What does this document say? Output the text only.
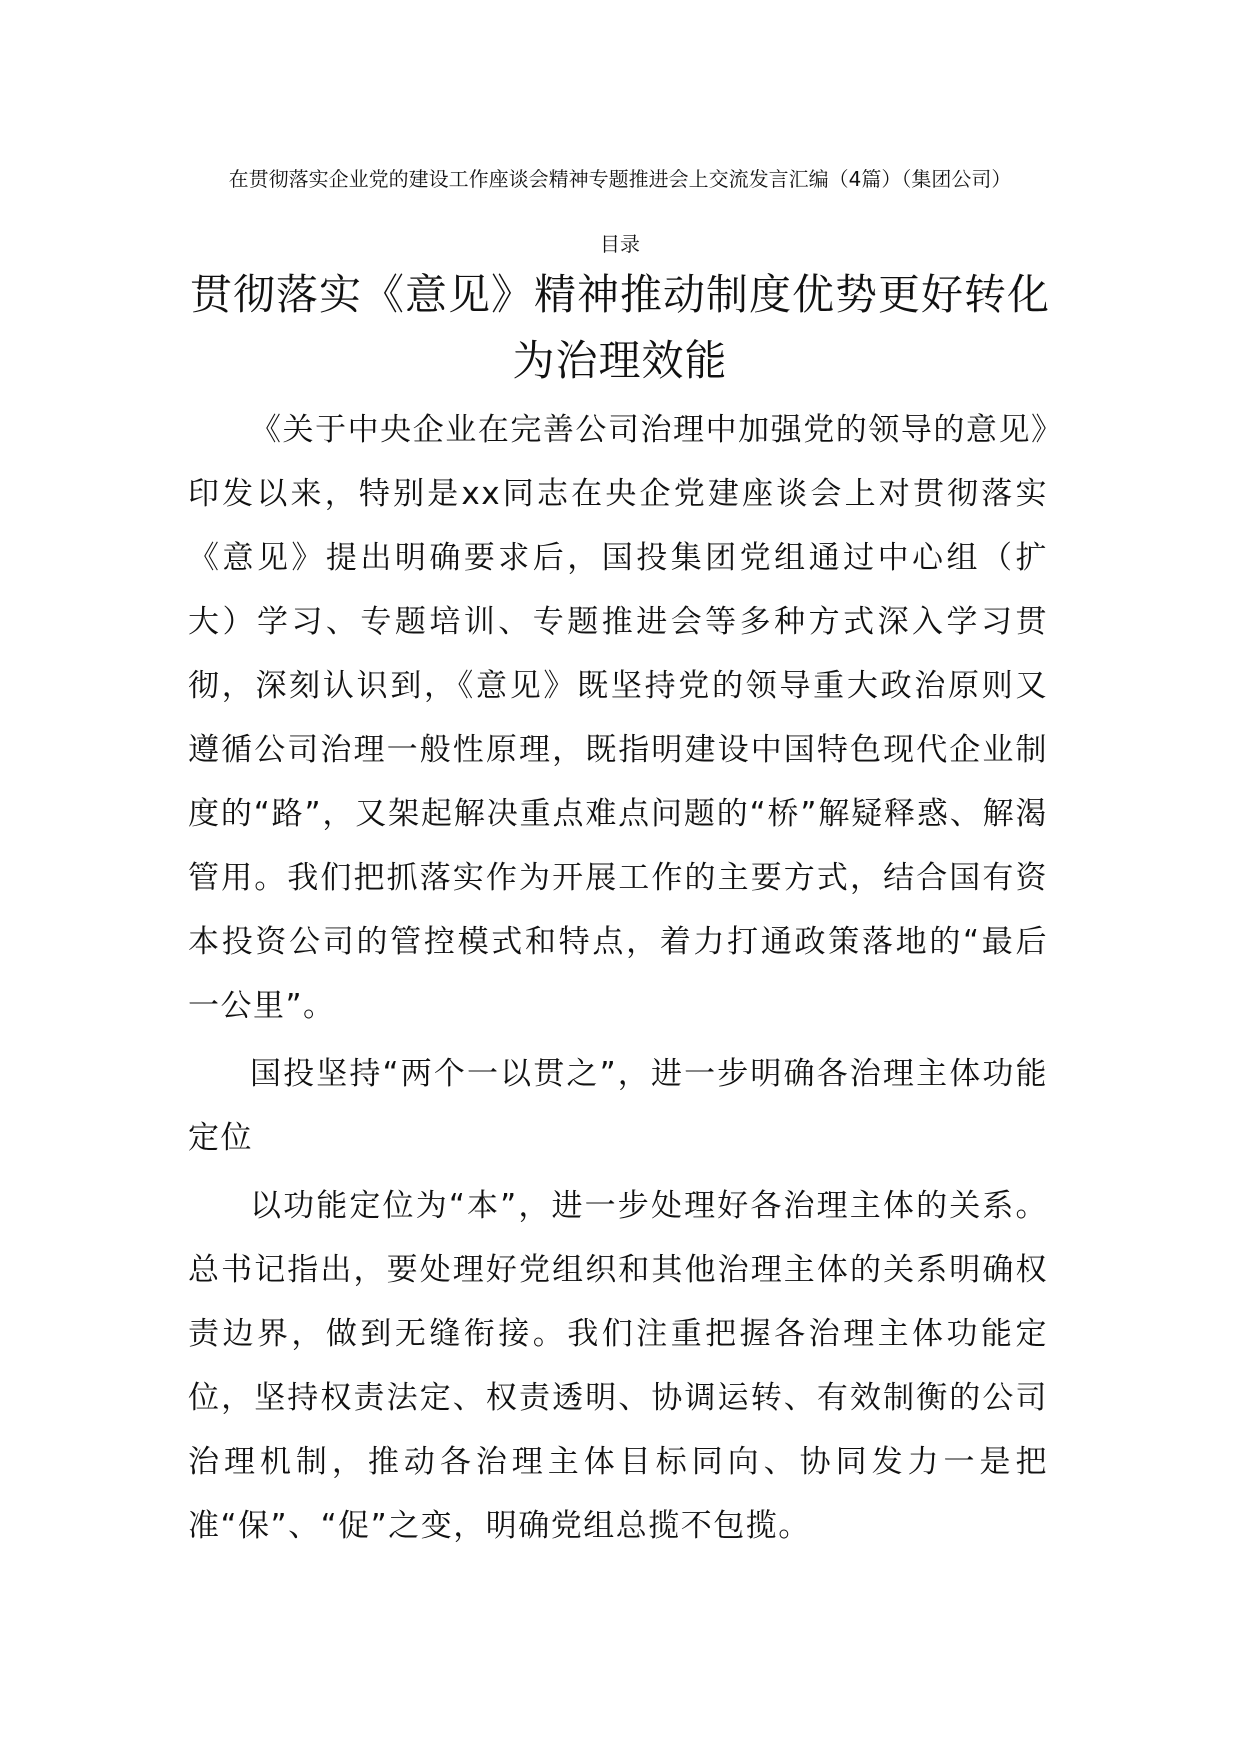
在贯彻落实企业党的建设工作座谈会精神专题推进会上交流发言汇编（4篇）（集团公司）

目录

贯彻落实《意见》精神推动制度优势更好转化为治理效能

《关于中央企业在完善公司治理中加强党的领导的意见》印发以来，特别是xx同志在央企党建座谈会上对贯彻落实《意见》提出明确要求后，国投集团党组通过中心组（扩大）学习、专题培训、专题推进会等多种方式深入学习贯彻，深刻认识到，《意见》既坚持党的领导重大政治原则又遵循公司治理一般性原理，既指明建设中国特色现代企业制度的“路”，又架起解决重点难点问题的“桥”解疑释惑、解渴管用。我们把抓落实作为开展工作的主要方式，结合国有资本投资公司的管控模式和特点，着力打通政策落地的“最后一公里”。

国投坚持“两个一以贯之”，进一步明确各治理主体功能定位

以功能定位为“本”，进一步处理好各治理主体的关系。总书记指出，要处理好党组织和其他治理主体的关系明确权责边界，做到无缝衔接。我们注重把握各治理主体功能定位，坚持权责法定、权责透明、协调运转、有效制衡的公司治理机制，推动各治理主体目标同向、协同发力一是把准“保”、“促”之变，明确党组总揽不包揽。
